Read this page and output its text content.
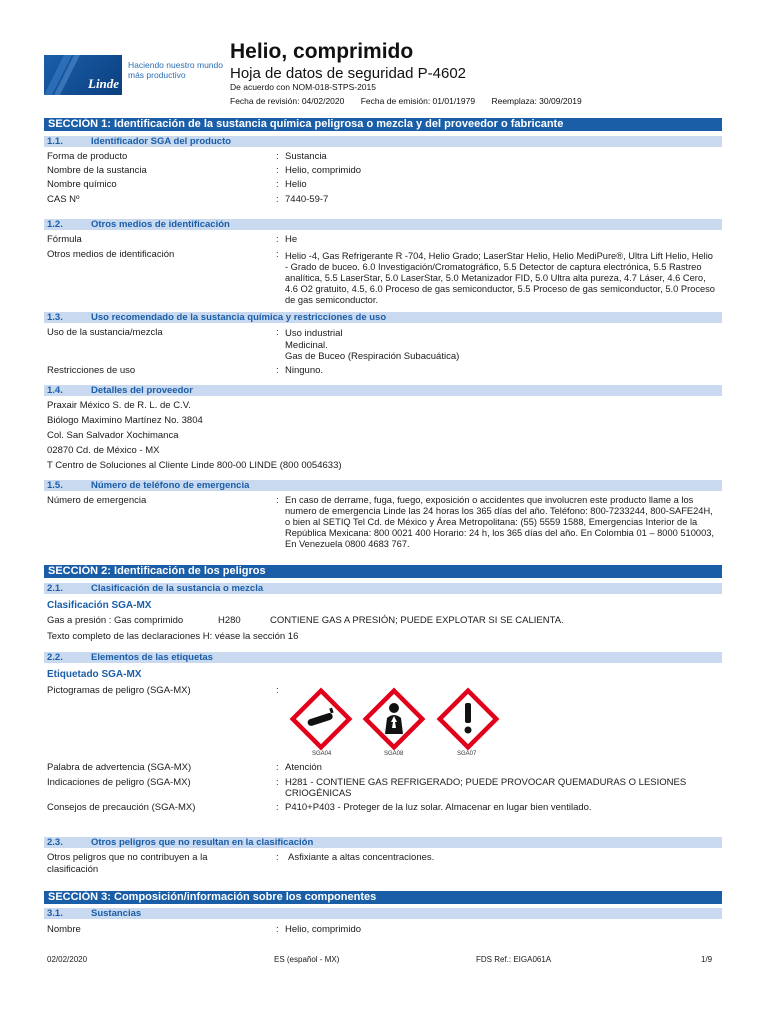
Linde
Haciendo nuestro mundo más productivo
Helio, comprimido
Hoja de datos de seguridad P-4602
De acuerdo con NOM-018-STPS-2015
Fecha de revisión: 04/02/2020 Fecha de emisión: 01/01/1979 Reemplaza: 30/09/2019
SECCIÓN 1: Identificación de la sustancia química peligrosa o mezcla y del proveedor o fabricante
1.1.	Identificador SGA del producto
Forma de producto	: Sustancia
Nombre de la sustancia	: Helio, comprimido
Nombre químico	: Helio
CAS Nº	: 7440-59-7
1.2.	Otros medios de identificación
Fórmula	: He
Otros medios de identificación	: Helio -4, Gas Refrigerante R -704, Helio Grado; LaserStar Helio, Helio MediPure®, Ultra Lift Helio, Helio - Grado de buceo. 6.0 Investigación/Cromatográfico, 5.5 Detector de captura electrónica, 5.5 Rastreo analítica, 5.5 LaserStar, 5.0 LaserStar, 5.0 Metanizador FID, 5.0 Ultra alta pureza, 4.7 Láser, 4.6 Cero, 4.6 O2 gratuito, 4.5, 6.0 Proceso de gas semiconductor, 5.5 Proceso de gas semiconductor, 5.0 Proceso de gas semiconductor.
1.3.	Uso recomendado de la sustancia química y restricciones de uso
Uso de la sustancia/mezcla	: Uso industrial
Medicinal.
Gas de Buceo (Respiración Subacuática)
Restricciones de uso	: Ninguno.
1.4.	Detalles del proveedor
Praxair México S. de R. L. de C.V.
Biólogo Maximino Martínez No. 3804
Col. San Salvador Xochimanca
02870 Cd. de México - MX
T Centro de Soluciones al Cliente Linde 800-00 LINDE (800 0054633)
1.5.	Número de teléfono de emergencia
Número de emergencia	: En caso de derrame, fuga, fuego, exposición o accidentes que involucren este producto llame a los numero de emergencia Linde las 24 horas los 365 días del año. Teléfono: 800-7233244, 800-SAFE24H, o bien al SETIQ Tel Cd. de México y Área Metropolitana: (55) 5559 1588, Emergencias Interior de la República Mexicana: 800 0021 400 Horario: 24 h, los 365 días del año. En Colombia 01 – 8000 510003, En Venezuela 0800 4683 767.
SECCIÓN 2: Identificación de los peligros
2.1.	Clasificación de la sustancia o mezcla
Clasificación SGA-MX
Gas a presión : Gas comprimido	H280	CONTIENE GAS A PRESIÓN; PUEDE EXPLOTAR SI SE CALIENTA.
Texto completo de las declaraciones H: véase la sección 16
2.2.	Elementos de las etiquetas
Etiquetado SGA-MX
Pictogramas de peligro (SGA-MX)	:
SGA04	SGA08	SGA07
Palabra de advertencia (SGA-MX)	: Atención
Indicaciones de peligro (SGA-MX)	: H281 - CONTIENE GAS REFRIGERADO; PUEDE PROVOCAR QUEMADURAS O LESIONES CRIOGÉNICAS
Consejos de precaución (SGA-MX)	: P410+P403 - Proteger de la luz solar. Almacenar en lugar bien ventilado.
2.3.	Otros peligros que no resultan en la clasificación
Otros peligros que no contribuyen a la clasificación
: Asfixiante a altas concentraciones.
SECCIÓN 3: Composición/información sobre los componentes
3.1.	Sustancias
Nombre	: Helio, comprimido
02/02/2020	ES (español - MX)	FDS Ref.: EIGA061A	1/9
